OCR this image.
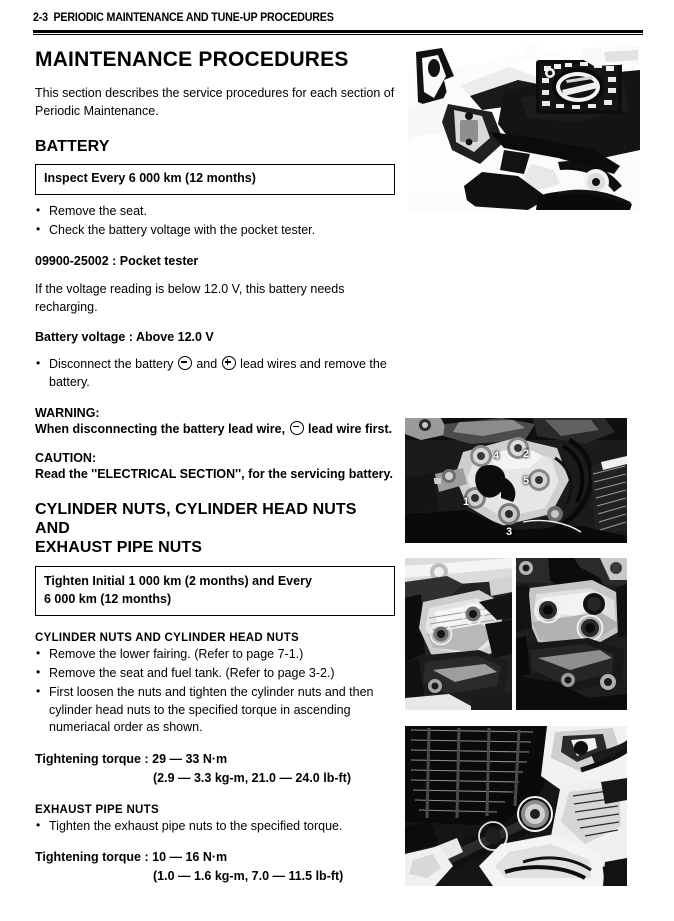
2-3 PERIODIC MAINTENANCE AND TUNE-UP PROCEDURES
MAINTENANCE PROCEDURES

This section describes the service procedures for each section of Periodic Maintenance.

BATTERY
Inspect Every 6 000 km (12 months)
• Remove the seat.
• Check the battery voltage with the pocket tester.

09900-25002 : Pocket tester

If the voltage reading is below 12.0 V, this battery needs recharging.

Battery voltage : Above 12.0 V

• Disconnect the battery and lead wires and remove the battery.

WARNING:

When disconnecting the battery lead wire, lead wire first.

CAUTION:

Read the ''ELECTRICAL SECTION'', for the servicing battery.

CYLINDER NUTS, CYLINDER HEAD NUTS AND
EXHAUST PIPE NUTS
Tighten Initial 1 000 km (2 months) and Every
6 000 km (12 months)
CYLINDER NUTS AND CYLINDER HEAD NUTS
• Remove the lower fairing. (Refer to page 7-1.)
• Remove the seat and fuel tank. (Refer to page 3-2.)
• First loosen the nuts and tighten the cylinder nuts and then cylinder head nuts to the specified torque in ascending numeriacal order as shown.

Tightening torque : 29 — 33 N·m
(2.9 — 3.3 kg-m, 21.0 — 24.0 lb-ft)

EXHAUST PIPE NUTS
• Tighten the exhaust pipe nuts to the specified torque.

Tightening torque : 10 — 16 N·m
(1.0 — 1.6 kg-m, 7.0 — 11.5 lb-ft)

4 2
5
1
3
